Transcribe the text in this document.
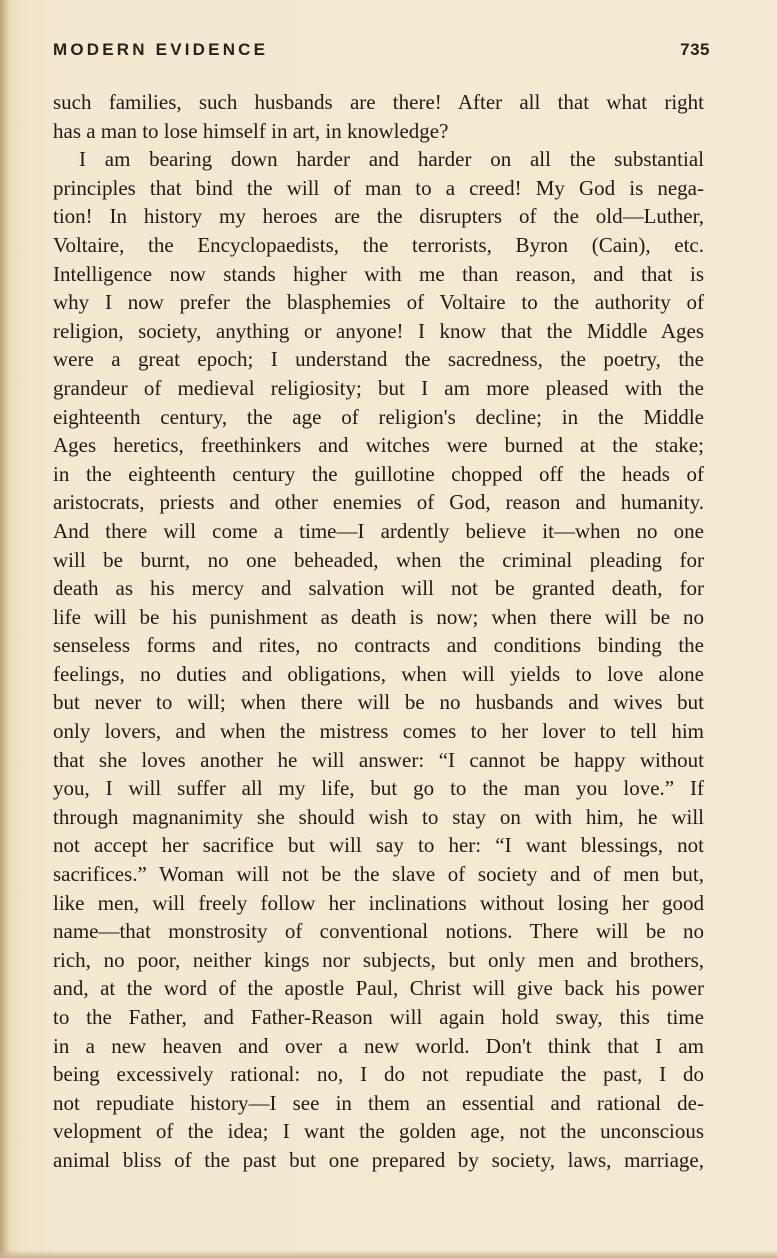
MODERN EVIDENCE	735
such families, such husbands are there! After all that what right
has a man to lose himself in art, in knowledge?
I am bearing down harder and harder on all the substantial
principles that bind the will of man to a creed! My God is nega-
tion! In history my heroes are the disrupters of the old—Luther,
Voltaire, the Encyclopaedists, the terrorists, Byron (Cain), etc.
Intelligence now stands higher with me than reason, and that is
why I now prefer the blasphemies of Voltaire to the authority of
religion, society, anything or anyone! I know that the Middle Ages
were a great epoch; I understand the sacredness, the poetry, the
grandeur of medieval religiosity; but I am more pleased with the
eighteenth century, the age of religion's decline; in the Middle
Ages heretics, freethinkers and witches were burned at the stake;
in the eighteenth century the guillotine chopped off the heads of
aristocrats, priests and other enemies of God, reason and humanity.
And there will come a time—I ardently believe it—when no one
will be burnt, no one beheaded, when the criminal pleading for
death as his mercy and salvation will not be granted death, for
life will be his punishment as death is now; when there will be no
senseless forms and rites, no contracts and conditions binding the
feelings, no duties and obligations, when will yields to love alone
but never to will; when there will be no husbands and wives but
only lovers, and when the mistress comes to her lover to tell him
that she loves another he will answer: “I cannot be happy without
you, I will suffer all my life, but go to the man you love.” If
through magnanimity she should wish to stay on with him, he will
not accept her sacrifice but will say to her: “I want blessings, not
sacrifices.” Woman will not be the slave of society and of men but,
like men, will freely follow her inclinations without losing her good
name—that monstrosity of conventional notions. There will be no
rich, no poor, neither kings nor subjects, but only men and brothers,
and, at the word of the apostle Paul, Christ will give back his power
to the Father, and Father-Reason will again hold sway, this time
in a new heaven and over a new world. Don't think that I am
being excessively rational: no, I do not repudiate the past, I do
not repudiate history—I see in them an essential and rational de-
velopment of the idea; I want the golden age, not the unconscious
animal bliss of the past but one prepared by society, laws, marriage,
